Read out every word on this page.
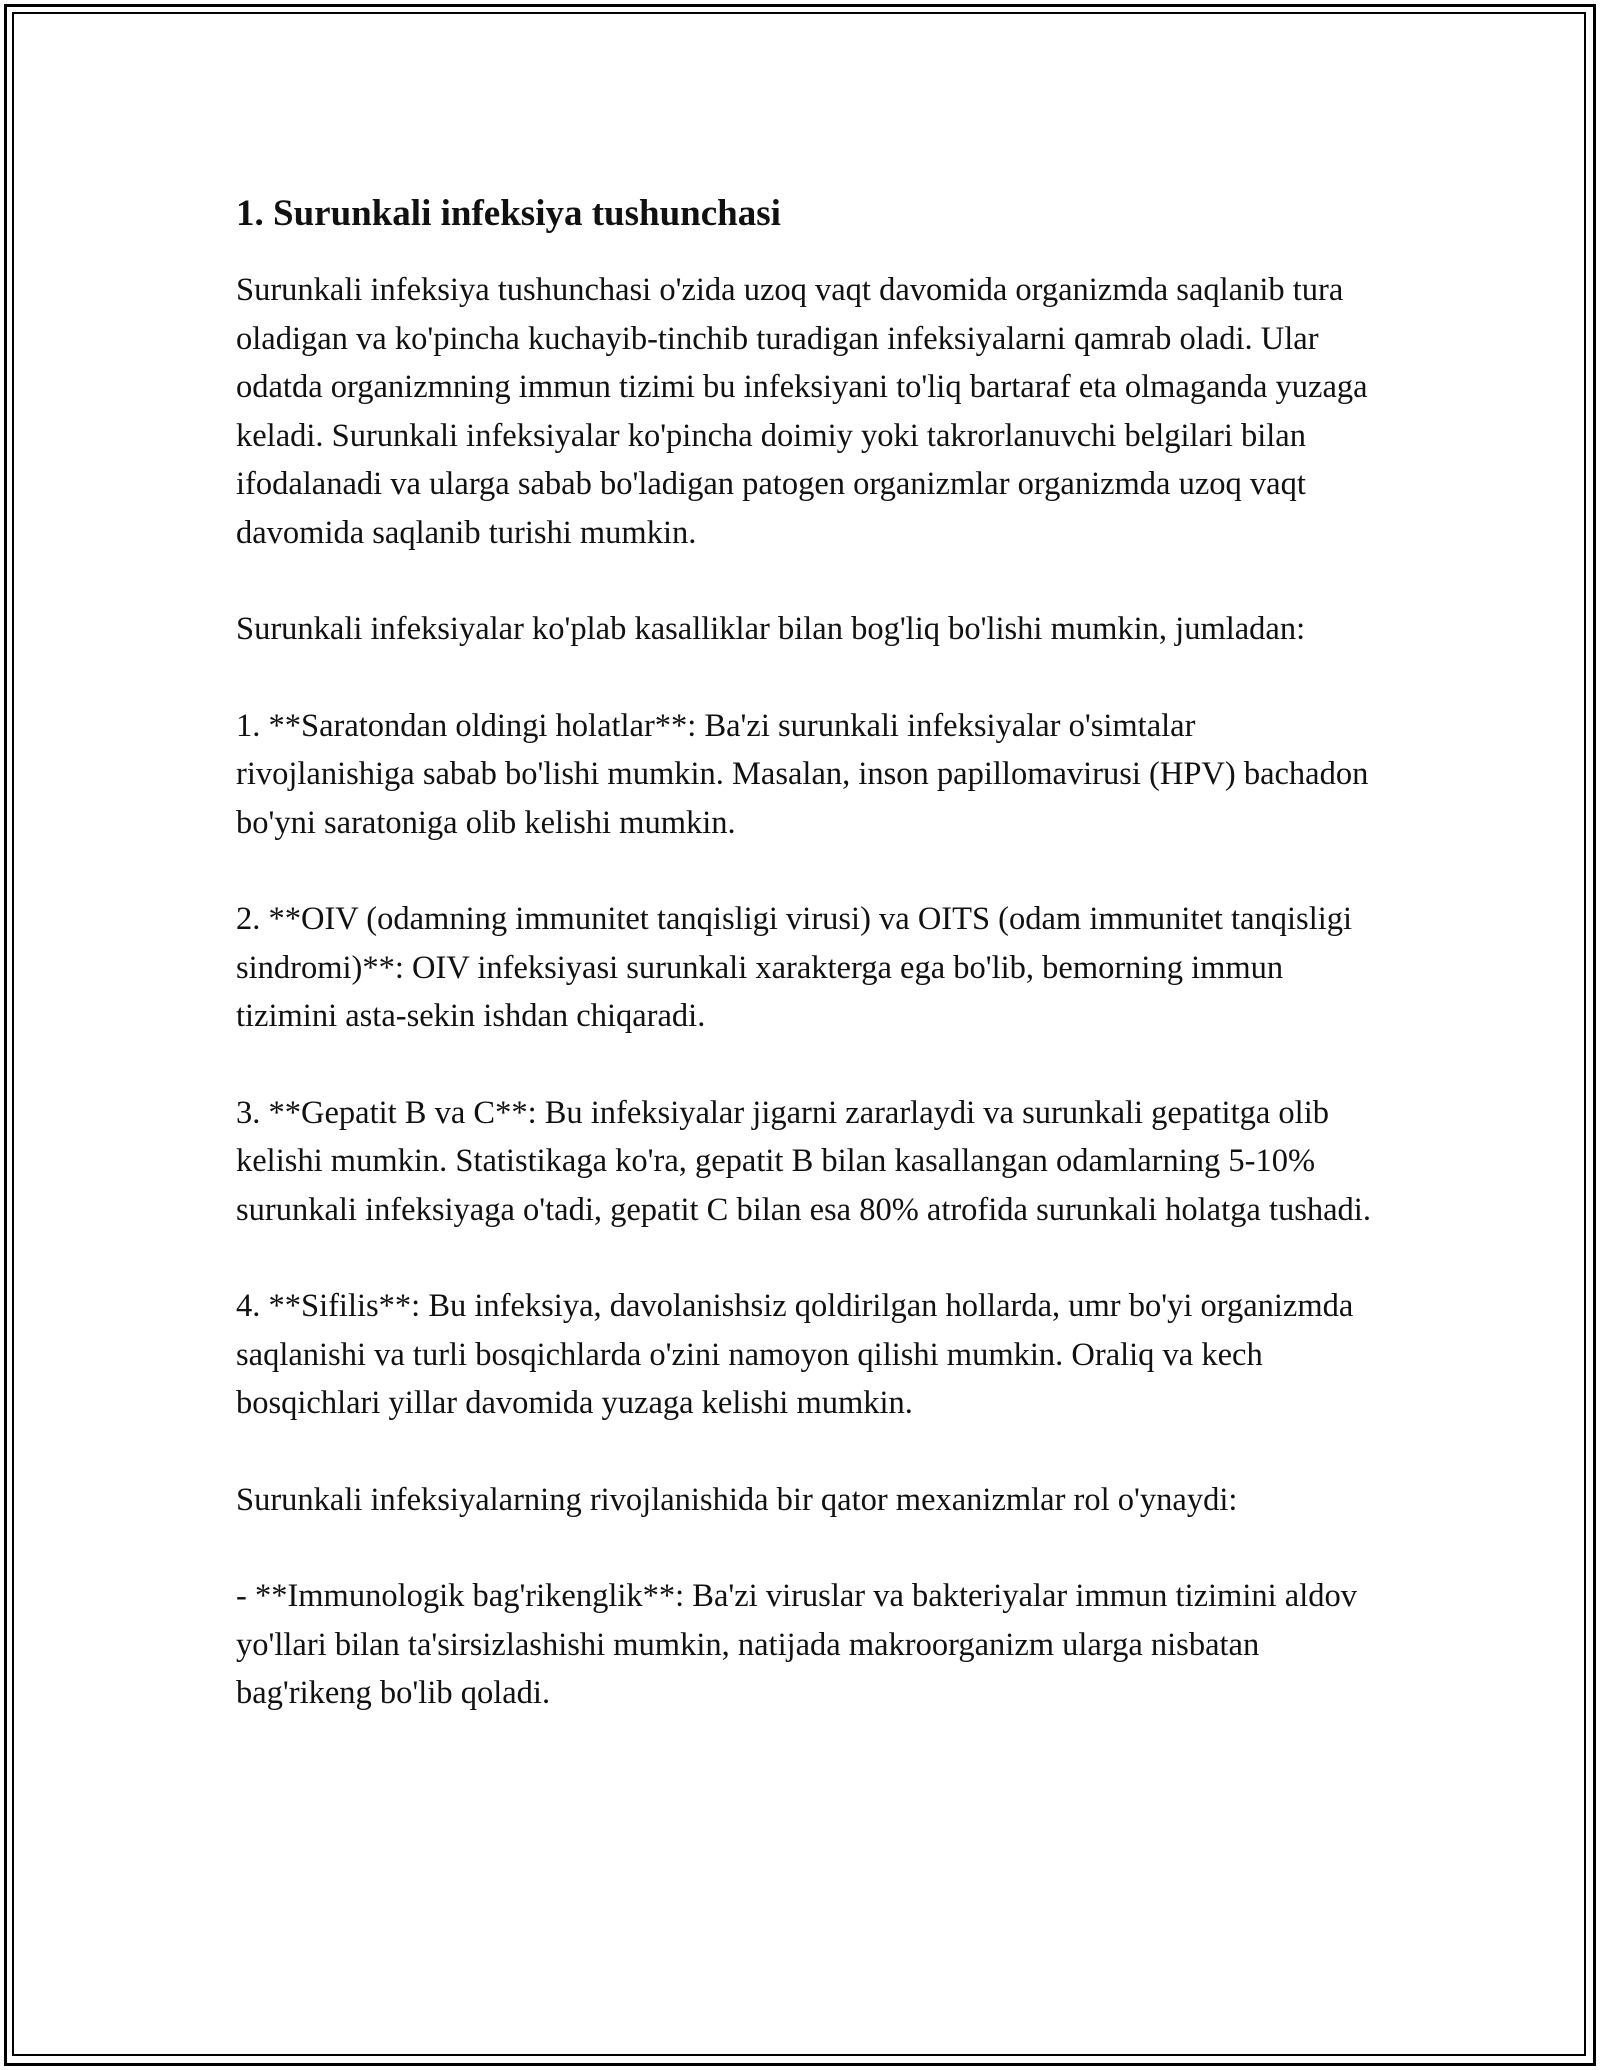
1. Surunkali infeksiya tushunchasi

Surunkali infeksiya tushunchasi o'zida uzoq vaqt davomida organizmda saqlanib tura oladigan va ko'pincha kuchayib-tinchib turadigan infeksiyalarni qamrab oladi. Ular odatda organizmning immun tizimi bu infeksiyani to'liq bartaraf eta olmaganda yuzaga keladi. Surunkali infeksiyalar ko'pincha doimiy yoki takrorlanuvchi belgilari bilan ifodalanadi va ularga sabab bo'ladigan patogen organizmlar organizmda uzoq vaqt davomida saqlanib turishi mumkin.

Surunkali infeksiyalar ko'plab kasalliklar bilan bog'liq bo'lishi mumkin, jumladan:

1. **Saratondan oldingi holatlar**: Ba'zi surunkali infeksiyalar o'simtalar rivojlanishiga sabab bo'lishi mumkin. Masalan, inson papillomavirusi (HPV) bachadon bo'yni saratoniga olib kelishi mumkin.

2. **OIV (odamning immunitet tanqisligi virusi) va OITS (odam immunitet tanqisligi sindromi)**: OIV infeksiyasi surunkali xarakterga ega bo'lib, bemorning immun tizimini asta-sekin ishdan chiqaradi.

3. **Gepatit B va C**: Bu infeksiyalar jigarni zararlaydi va surunkali gepatitga olib kelishi mumkin. Statistikaga ko'ra, gepatit B bilan kasallangan odamlarning 5-10% surunkali infeksiyaga o'tadi, gepatit C bilan esa 80% atrofida surunkali holatga tushadi.

4. **Sifilis**: Bu infeksiya, davolanishsiz qoldirilgan hollarda, umr bo'yi organizmda saqlanishi va turli bosqichlarda o'zini namoyon qilishi mumkin. Oraliq va kech bosqichlari yillar davomida yuzaga kelishi mumkin.

Surunkali infeksiyalarning rivojlanishida bir qator mexanizmlar rol o'ynaydi:

- **Immunologik bag'rikenglik**: Ba'zi viruslar va bakteriyalar immun tizimini aldov yo'llari bilan ta'sirsizlashishi mumkin, natijada makroorganizm ularga nisbatan bag'rikeng bo'lib qoladi.
